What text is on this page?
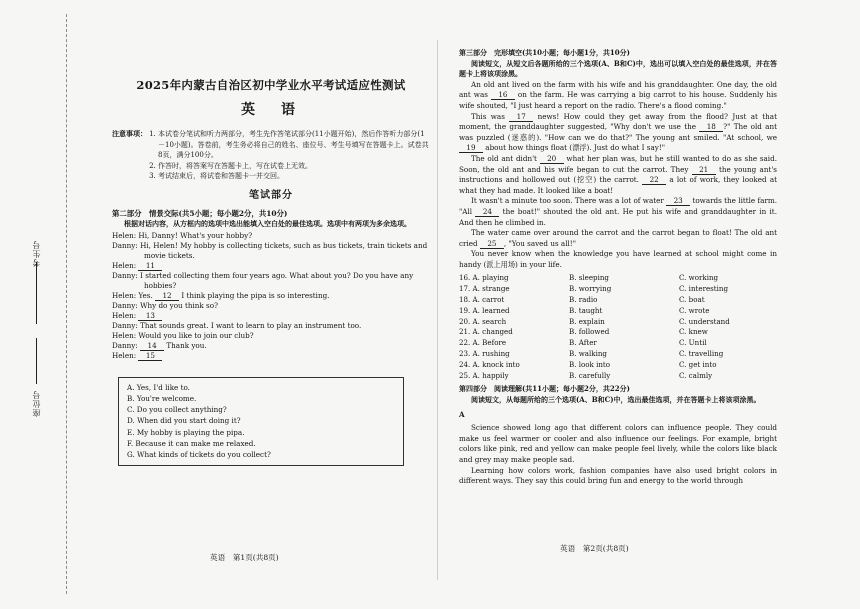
考生号
座位号
2025年内蒙古自治区初中学业水平考试适应性测试
英　语
注意事项：
1. 本试卷分笔试和听力两部分，考生先作答笔试部分(11小题开始)，然后作答听力部分(1－10小题)。答卷前，考生务必将自己的姓名、座位号、考生号填写在答题卡上。试卷共8页，满分100分。
2. 作答时，将答案写在答题卡上，写在试卷上无效。
3. 考试结束后，将试卷和答题卡一并交回。
笔试部分
第二部分　情景交际(共5小题；每小题2分，共10分)
根据对话内容，从方框内的选项中选出能填入空白处的最佳选项。选项中有两项为多余选项。
Helen: Hi, Danny! What's your hobby?
Danny: Hi, Helen! My hobby is collecting tickets, such as bus tickets, train tickets and movie tickets.
Helen: 11
Danny: I started collecting them four years ago. What about you? Do you have any hobbies?
Helen: Yes. 12 I think playing the pipa is so interesting.
Danny: Why do you think so?
Helen: 13
Danny: That sounds great. I want to learn to play an instrument too.
Helen: Would you like to join our club?
Danny: 14 Thank you.
Helen: 15
A. Yes, I'd like to.
B. You're welcome.
C. Do you collect anything?
D. When did you start doing it?
E. My hobby is playing the pipa.
F. Because it can make me relaxed.
G. What kinds of tickets do you collect?
英语　第1页(共8页)

第三部分　完形填空(共10小题；每小题1分，共10分)

阅读短文，从短文后各题所给的三个选项(A、B和C)中，选出可以填入空白处的最佳选项，并在答题卡上将该项涂黑。

An old ant lived on the farm with his wife and his granddaughter. One day, the old ant was 16 on the farm. He was carrying a big carrot to his house. Suddenly his wife shouted, "I just heard a report on the radio. There's a flood coming."

This was 17 news! How could they get away from the flood? Just at that moment, the granddaughter suggested, "Why don't we use the 18 ?" The old ant was puzzled (迷惑的). "How can we do that?" The young ant smiled. "At school, we 19 about how things float (漂浮). Just do what I say!"

The old ant didn't 20 what her plan was, but he still wanted to do as she said. Soon, the old ant and his wife began to cut the carrot. They 21 the young ant's instructions and hollowed out (挖空) the carrot. 22 a lot of work, they looked at what they had made. It looked like a boat!

It wasn't a minute too soon. There was a lot of water 23 towards the little farm. "All 24 the boat!" shouted the old ant. He put his wife and granddaughter in it. And then he climbed in.

The water came over around the carrot and the carrot began to float! The old ant cried 25 , "You saved us all!"

You never know when the knowledge you have learned at school might come in handy (派上用场) in your life.

16. A. playing	B. sleeping	C. working
17. A. strange	B. worrying	C. interesting
18. A. carrot	B. radio	C. boat
19. A. learned	B. taught	C. wrote
20. A. search	B. explain	C. understand
21. A. changed	B. followed	C. knew
22. A. Before	B. After	C. Until
23. A. rushing	B. walking	C. travelling
24. A. knock into	B. look into	C. get into
25. A. happily	B. carefully	C. calmly

第四部分　阅读理解(共11小题；每小题2分，共22分)

阅读短文，从每题所给的三个选项(A、B和C)中，选出最佳选项，并在答题卡上将该项涂黑。

A

Science showed long ago that different colors can influence people. They could make us feel warmer or cooler and also influence our feelings. For example, bright colors like pink, red and yellow can make people feel lively, while the colors like black and grey may make people sad.

Learning how colors work, fashion companies have also used bright colors in different ways. They say this could bring fun and energy to the world through

英语　第2页(共8页)
